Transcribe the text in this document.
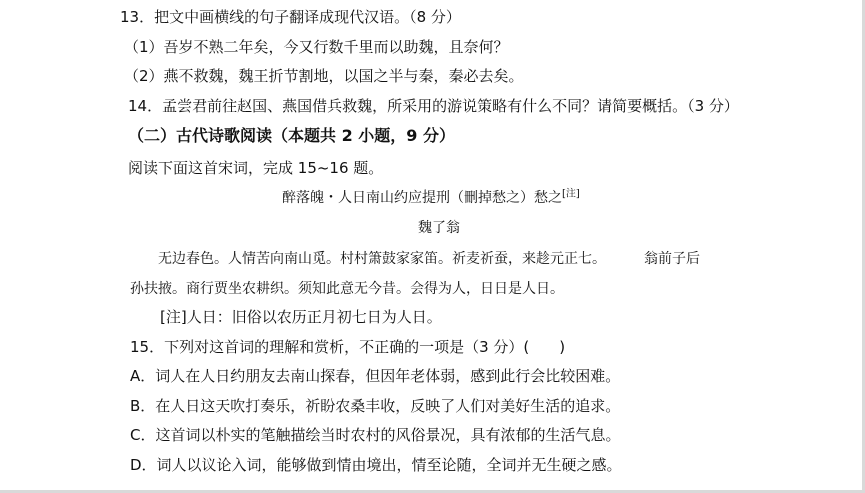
13．把文中画横线的句子翻译成现代汉语。（8 分）
（1）吾岁不熟二年矣，今又行数千里而以助魏，且奈何？
（2）燕不救魏，魏王折节割地，以国之半与秦，秦必去矣。
14．孟尝君前往赵国、燕国借兵救魏，所采用的游说策略有什么不同？请简要概括。（3 分）
（二）古代诗歌阅读（本题共 2 小题，9 分）
阅读下面这首宋词，完成 15~16 题。
醉落魄・人日南山约应提刑（刪掉愁之）愁之[注]
魏了翁
无边春色。人情苦向南山觅。村村箫鼓家家笛。祈麦祈蚕，来趁元正七。	翁前子后
孙扶掖。商行贾坐农耕织。须知此意无今昔。会得为人，日日是人日。
[注]人日：旧俗以农历正月初七日为人日。
15．下列对这首词的理解和赏析，不正确的一项是（3 分）(　　)
A．词人在人日约朋友去南山探春，但因年老体弱，感到此行会比较困难。
B．在人日这天吹打奏乐，祈盼农桑丰收，反映了人们对美好生活的追求。
C．这首词以朴实的笔触描绘当时农村的风俗景况，具有浓郁的生活气息。
D．词人以议论入词，能够做到情由境出，情至论随，全词并无生硬之感。
